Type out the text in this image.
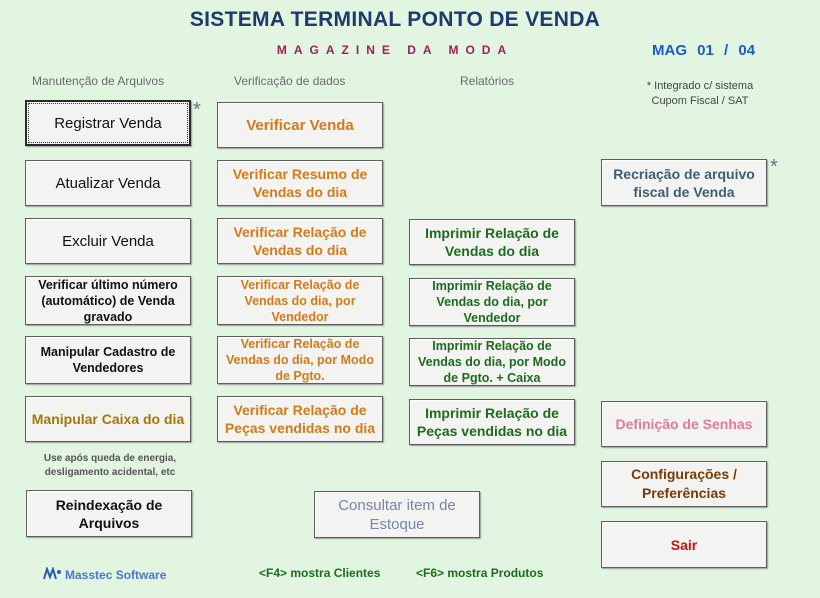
SISTEMA TERMINAL PONTO DE VENDA
MAGAZINE DA MODA	MAG 01 / 04
Manutenção de Arquivos	Verificação de dados	Relatórios	* Integrado c/ sistema
Cupom Fiscal / SAT
Registrar Venda
*
Atualizar Venda
Excluir Venda
Verificar último número (automático) de Venda gravado
Manipular Cadastro de Vendedores
Manipular Caixa do dia
Use após queda de energia,
desligamento acidental, etc
Reindexação de Arquivos
Verificar Venda
Verificar Resumo de Vendas do dia
Verificar Relação de Vendas do dia
Verificar Relação de Vendas do dia, por Vendedor
Verificar Relação de Vendas do dia, por Modo de Pgto.
Verificar Relação de Peças vendidas no dia
Imprimir Relação de Vendas do dia
Imprimir Relação de Vendas do dia, por Vendedor
Imprimir Relação de Vendas do dia, por Modo de Pgto. + Caixa
Imprimir Relação de Peças vendidas no dia
Consultar item de Estoque
Recriação de arquivo fiscal de Venda
*
Definição de Senhas
Configurações / Preferências
Sair
Masstec Software	<F4> mostra Clientes	<F6> mostra Produtos
